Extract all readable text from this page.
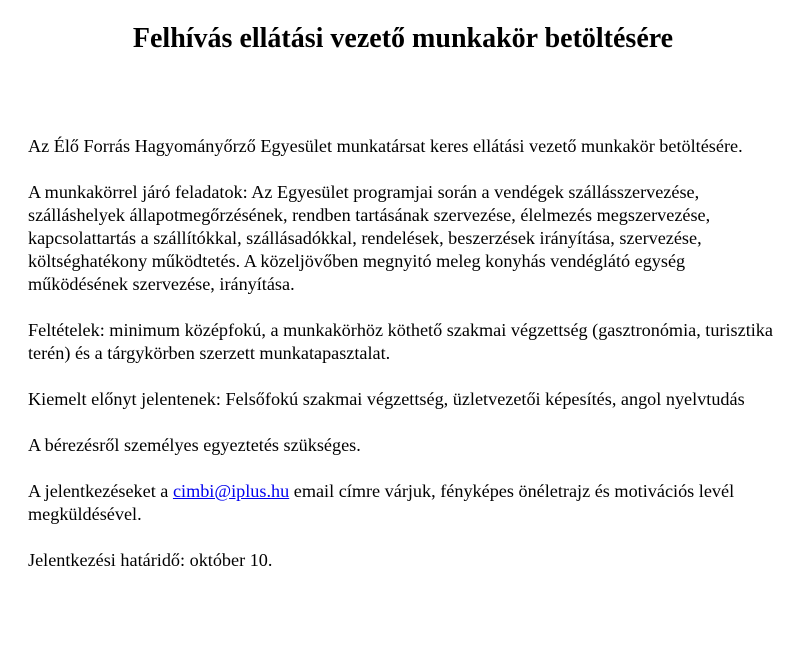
Felhívás ellátási vezető munkakör betöltésére

Az Élő Forrás Hagyományőrző Egyesület munkatársat keres ellátási vezető munkakör betöltésére.

A munkakörrel járó feladatok: Az Egyesület programjai során a vendégek szállásszervezése, szálláshelyek állapotmegőrzésének, rendben tartásának szervezése, élelmezés megszervezése, kapcsolattartás a szállítókkal, szállásadókkal, rendelések, beszerzések irányítása, szervezése, költséghatékony működtetés. A közeljövőben megnyitó meleg konyhás vendéglátó egység működésének szervezése, irányítása.

Feltételek: minimum középfokú, a munkakörhöz köthető szakmai végzettség (gasztronómia, turisztika terén) és a tárgykörben szerzett munkatapasztalat.

Kiemelt előnyt jelentenek: Felsőfokú szakmai végzettség, üzletvezetői képesítés, angol nyelvtudás

A bérezésről személyes egyeztetés szükséges.

A jelentkezéseket a cimbi@iplus.hu email címre várjuk, fényképes önéletrajz és motivációs levél megküldésével.

Jelentkezési határidő: október 10.
